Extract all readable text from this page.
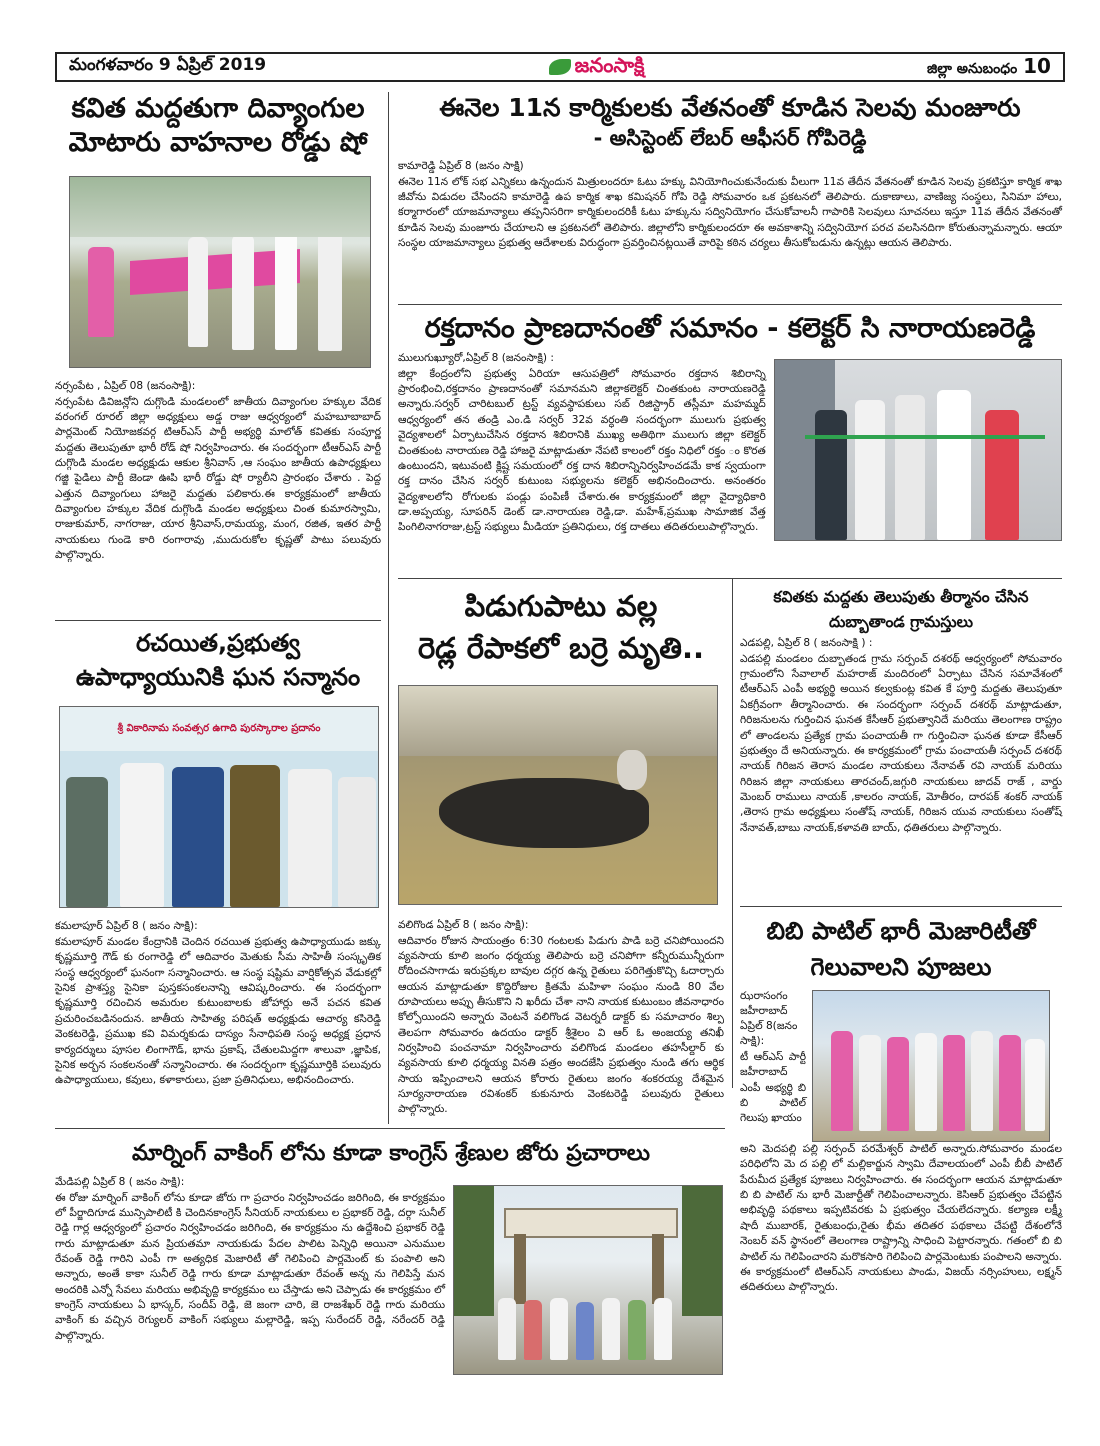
మంగళవారం 9 ఏప్రిల్ 2019	జనంసాక్షి	జిల్లా అనుబంధం 10
కవిత మద్దతుగా దివ్యాంగుల
మోటారు వాహనాల రోడ్డు షో
నర్సంపేట , ఏప్రిల్ 08 (జనంసాక్షి):
నర్సంపేట డివిజన్లోని దుగ్గొండి మండలంలో జాతీయ దివ్యాంగుల హక్కుల వేదిక వరంగల్ రూరల్ జిల్లా అధ్యక్షులు అడ్డ రాజు ఆధ్వర్యంలో మహబూబాబాద్ పార్లమెంట్ నియోజకవర్గ టిఆర్ఎస్ పార్టీ అభ్యర్థి మాలోత్ కవితకు సంపూర్ణ మద్దతు తెలుపుతూ భారీ రోడ్ షో నిర్వహించారు. ఈ సందర్భంగా టీఆర్ఎస్ పార్టీ దుగ్గొండి మండల అధ్యక్షుడు ఆకుల శ్రీనివాస్ ,ఆ సంఘం జాతీయ ఉపాధ్యక్షులు గజ్జి పైడిలు పార్టీ జెండా ఊపి భారీ రోడ్డు షో ర్యాలీని ప్రారంభం చేశారు . పెద్ద ఎత్తున దివ్యాంగులు హాజరై మద్దతు పలికారు.ఈ కార్యక్రమంలో జాతీయ దివ్యాంగుల హక్కుల వేదిక దుగ్గొండి మండల అధ్యక్షులు చింత కుమారస్వామి, రాజుకుమార్, నాగరాజు, యార శ్రీనివాస్,రామయ్య, మంగ, రజిత, ఇతర పార్టీ నాయకులు గుండె కారి రంగారావు ,ముదురుకోల కృష్ణతో పాటు పలువురు పాల్గొన్నారు.
ఈనెల 11న కార్మికులకు వేతనంతో కూడిన సెలవు మంజూరు
- అసిస్టెంట్ లేబర్ ఆఫీసర్ గోపిరెడ్డి
కామారెడ్డి ఏప్రిల్ 8 (జనం సాక్షి)
ఈనెల 11న లోక్ సభ ఎన్నికలు ఉన్నందున మిత్రులందరూ ఓటు హక్కు వినియోగించుకునేందుకు వీలుగా 11వ తేదీన వేతనంతో కూడిన సెలవు ప్రకటిస్తూ కార్మిక శాఖ జీవోను విడుదల చేసిందని కామారెడ్డి ఉప కార్మిక శాఖ కమిషనర్ గోపి రెడ్డి సోమవారం ఒక ప్రకటనలో తెలిపారు. దుకాణాలు, వాణిజ్య సంస్థలు, సినిమా హాలు, కర్మాగారంలో యాజమాన్యాలు తప్పనిసరిగా కార్మికులందరికీ ఓటు హక్కును సద్వినియోగం చేసుకోవాలనీ గాపారికి సెలవులు సూచనలు ఇస్తూ 11వ తేదీన వేతనంతో కూడిన సెలవు మంజూరు చేయాలని ఆ ప్రకటనలో తెలిపారు. జిల్లాలోని కార్మికులందరూ ఈ అవకాశాన్ని సద్వినియోగ పరచ వలసినదిగా కోరుతున్నామన్నారు. ఆయా సంస్థల యాజమాన్యాలు ప్రభుత్వ ఆదేశాలకు విరుద్ధంగా ప్రవర్తించినట్లయితే వారిపై కఠిన చర్యలు తీసుకోబడును ఉన్నట్లు ఆయన తెలిపారు.
రక్తదానం ప్రాణదానంతో సమానం - కలెక్టర్ సి నారాయణరెడ్డి
ములుగుఖ్యూరో,ఏప్రిల్ 8 (జనంసాక్షి) :
జిల్లా కేంద్రంలోని ప్రభుత్వ ఏరియా ఆసుపత్రిలో సోమవారం రక్తదాన శిబిరాన్ని ప్రారంభించి,రక్తదానం ప్రాణదానంతో సమానమని జిల్లాకలెక్టర్ చింతకుంట నారాయణరెడ్డి అన్నారు.సర్వర్ చారిటబుల్ ట్రస్ట్ వ్యవస్థాపకులు సబ్ రిజిస్ట్రార్ తస్లీమా మహమ్మద్ ఆధ్వర్యంలో తన తండ్రి ఎం.డి సర్వర్ 32వ వర్ధంతి సందర్భంగా ములుగు ప్రభుత్వ వైద్యశాలలో ఏర్పాటుచేసిన రక్తదాన శిబిరానికి ముఖ్య అతిథిగా ములుగు జిల్లా కలెక్టర్ చింతకుంట నారాయణ రెడ్డి హాజరై మాట్లాడుతూ నేపటి కాలంలో రక్తం నిధిలో రక్తం ం కొరత ఉంటుందని, ఇటువంటి క్లిష్ట సమయంలో రక్త దాన శిబిరాన్నినిర్వహించడమే కాక స్వయంగా రక్త దానం చేసిన సర్వర్ కుటుంబ సభ్యులను కలెక్టర్ అభినందించారు. అనంతరం వైద్యశాలలోని రోగులకు పండ్లు పంపిణీ చేశారు.ఈ కార్యక్రమంలో జిల్లా వైద్యాధికారి డా.అప్పయ్య, సూపరిన్ డెంట్ డా.నారాయణ రెడ్డి,డా. మహేశ్,ప్రముఖ సామాజిక వేత్త పింగిలినాగరాజు,ట్రస్ట్ సభ్యులు మీడియా ప్రతినిధులు, రక్త దాతలు తదితరులుపాల్గొన్నారు.
రచయిత,ప్రభుత్వ
ఉపాధ్యాయునికి ఘన సన్మానం
శ్రీ వికారినామ సంవత్సర ఉగాది పురస్కారాల ప్రదానం
కమలాపూర్ ఏప్రిల్ 8 ( జనం సాక్షి):
కమలాపూర్ మండల కేంద్రానికి చెందిన రచయిత ప్రభుత్వ ఉపాధ్యాయుడు జక్కు కృష్ణమూర్తి గౌడ్ కు రంగారెడ్డి లో ఆదివారం మెతుకు సీమ సాహితీ సంస్కృతిక సంస్థ ఆధ్వర్యంలో ఘనంగా సన్మానించారు. ఆ సంస్థ షష్టిమ వార్షికోత్సవ వేడుకల్లో సైనిక ప్రాశస్త్య సైనికా పుస్తకసంకలనాన్ని ఆవిష్కరించారు. ఈ సందర్భంగా కృష్ణమూర్తి రచించిన అమరుల కుటుంబాలకు జోహార్లు అనే పచన కవిత ప్రచురించబడినందున. జాతీయ సాహిత్య పరిషత్ అధ్యక్షుడు ఆచార్య కసిరెడ్డి వెంకటరెడ్డి, ప్రముఖ కవి విమర్శకుడు దాస్యం సేనాధిపతి సంస్థ అధ్యక్ష ప్రధాన కార్యదర్శులు పూసల లింగాగౌడ్, భాను ప్రకాష్, చేతులమిద్దగా శాలువా ,జ్ఞాపిక, సైనిక అర్బన సంకలనంతో సన్మానించారు. ఈ సందర్భంగా కృష్ణమూర్తికి పలువురు ఉపాధ్యాయులు, కవులు, కళాకారులు, ప్రజా ప్రతినిధులు, అభినందించారు.
పిడుగుపాటు వల్ల
రెడ్ల రేపాకలో బర్రె మృతి..
వలిగొండ ఏప్రిల్ 8 ( జనం సాక్షి):
ఆదివారం రోజున సాయంత్రం 6:30 గంటలకు పిడుగు పాడి బర్రె చనిపోయిందని వ్యవసాయ కూలి జంగం ధర్మయ్య తెలిపారు బర్రె చనిపోగా కన్నీరుమున్నీరుగా రోదించసాగాడు ఇరుప్రక్కల బావుల దగ్గర ఉన్న రైతులు పరిగెత్తుకొచ్చి ఓదార్చారు ఆయన మాట్లాడుతూ కొద్దిరోజుల క్రితమే మహిళా సంఘం నుండి 80 వేల రూపాయలు అప్పు తీసుకొని ని ఖరీదు చేశా నాని నాయక కుటుంబం జీవనాధారం కోల్పోయిందని అన్నారు వెంటనే వలిగొండ వెటర్నరీ డాక్టర్ కు సమాచారం శిల్ప తెలపగా సోమవారం ఉదయం డాక్టర్ శ్రీశైలం వి ఆర్ ఓ అంజయ్య తనిఖీ నిర్వహించి పంచనామా నిర్వహించారు వలిగొండ మండలం తహసీల్దార్ కు వ్యవసాయ కూలి ధర్మయ్య వినతి పత్రం అందజేసి ప్రభుత్వం నుండి తగు ఆర్థిక సాయ ఇప్పించాలని ఆయన కోరారు రైతులు జంగం శంకరయ్య దేశమైన సూర్యనారాయణ రవిశంకర్ కుకునూరు వెంకటరెడ్డి పలువురు రైతులు పాల్గొన్నారు.
కవితకు మద్దతు తెలుపుతు తీర్మానం చేసిన
దుబ్బాతాండ గ్రామస్తులు
ఎడపల్లి, ఏప్రిల్ 8 ( జనంసాక్షి ) :
ఎడపల్లి మండలం దుబ్బాతండ గ్రామ సర్పంచ్ దశరథ్ ఆధ్వర్యంలో సోమవారం గ్రామంలోని సేవాలాల్ మహరాజ్ మందిరంలో ఏర్పాటు చేసిన సమావేశంలో టీఆర్ఎస్ ఎంపీ అభ్యర్థి అయిన కల్వకుంట్ల కవిత కే పూర్తి మద్దతు తెలుపుతూ ఏకగ్రీవంగా తీర్మానించారు. ఈ సందర్భంగా సర్పంచ్ దశరథ్ మాట్లాడుతూ, గిరిజనులను గుర్తించిన ఘనత కేసీఆర్ ప్రభుత్వానిదే మరియు తెలంగాణ రాష్ట్రం లో తాండలను ప్రత్యేక గ్రామ పంచాయతీ గా గుర్తించినా ఘనత కూడా కేసీఆర్ ప్రభుత్వం దే అనియన్నారు. ఈ కార్యక్రమంలో గ్రామ పంచాయతీ సర్పంచ్ దశరథ్ నాయక్ గిరిజన తెరాస మండల నాయకులు నేనావత్ రవి నాయక్ మరియు గిరిజన జిల్లా నాయకులు తారచంద్,జగ్గురి నాయకులు జాదవ్ రాజ్ , వార్డు మెంబర్ రాములు నాయక్ ,కాలరం నాయక్, మోతీరం, దారపక్ శంకర్ నాయక్ ,తెరాస గ్రామ అధ్యక్షులు సంతోష్ నాయక్, గిరిజన యువ నాయకులు సంతోష్ నేనావత్,బాబు నాయక్,కళావతి బాయ్, ధతితరులు పాల్గొన్నారు.
బిబి పాటిల్ భారీ మెజారిటీతో
గెలువాలని పూజలు
ఝరాసంగం జహీరాబాద్ ఏప్రిల్ 8(జనం సాక్షి):
టీ ఆర్ఎస్ పార్టీ జహీరాబాద్ ఎంపీ అభ్యర్థి బి బి పాటిల్ గెలుపు ఖాయం
అని మెదపల్లి పల్లి సర్పంచ్ పరమేశ్వర్ పాటిల్ అన్నారు.సోమవారం మండల పరిధిలోని మె ద పల్లి లో మల్లికార్జున స్వామి దేవాలయంలో ఎంపీ బీబీ పాటిల్ పేరుమీద ప్రత్యేక పూజలు నిర్వహించారు. ఈ సందర్భంగా ఆయన మాట్లాడుతూ బి బి పాటిల్ ను భారీ మెజార్టీతో గెలిపించాలన్నారు. కెసిఆర్ ప్రభుత్వం చేపట్టిన అభివృద్ధి పథకాలు ఇప్పటివరకు ఏ ప్రభుత్వం చేయలేదన్నారు. కల్యాణ లక్ష్మీ షాదీ ముబారక్, రైతుబంధు,రైతు భీమ తదితర పథకాలు చేపట్టి దేశంలోనే నెంబర్ వన్ స్థానంలో తెలంగాణ రాష్ట్రాన్ని సాధించి పెట్టారన్నారు. గతంలో బి బి పాటిల్ ను గెలిపించారని మరొకసారి గెలిపించి పార్లమెంటుకు పంపాలని అన్నారు. ఈ కార్యక్రమంలో టిఆర్ఎస్ నాయకులు పాండు, విజయ్ నర్సింహులు, లక్ష్మన్ తదితరులు పాల్గొన్నారు.
మార్నింగ్ వాకింగ్ లోను కూడా కాంగ్రెస్ శ్రేణుల జోరు ప్రచారాలు
మేడిపల్లి ఏప్రిల్ 8 ( జనం సాక్షి):
ఈ రోజు మార్నింగ్ వాకింగ్ లోను కూడా జోరు గా ప్రచారం నిర్వహించడం జరిగింది, ఈ కార్యక్రమం లో పీర్జాదిగూడ మున్సిపాలిటీ కి చెందినకాంగ్రెస్ సీనియర్ నాయకులు ల ప్రభాకర్ రెడ్డి, దర్గా సునీల్ రెడ్డి గార్ల ఆధ్వర్యంలో ప్రచారం నిర్వహించడం జరిగింది, ఈ కార్యక్రమం ను ఉద్దేశించి ప్రభాకర్ రెడ్డి గారు మాట్లాడుతూ మన ప్రియతమా నాయకుడు పేదల పాలిట పెన్నిధి అయినా ఎనుముల రేవంత్ రెడ్డి గారిని ఎంపీ గా అత్యధిక మెజారిటీ తో గెలిపించి పార్లమెంట్ కు పంపాలి అని అన్నారు, అంతే కాకా సునీల్ రెడ్డి గారు కూడా మాట్లాడుతూ రేవంత్ అన్న ను గెలిపిస్తే మన అందరికి ఎన్నో సేవలు మరియు అభివృద్ది కార్యక్రమం లు చేస్తాడు అని చెప్పాడు ఈ కార్యక్రమం లో కాంగ్రెస్ నాయకులు ఏ భాస్కర్, సందీప్ రెడ్డి, జె జంగా చారి, జె రాజశేఖర్ రెడ్డి గారు మరియు వాకింగ్ కు వచ్చిన రెగ్యులర్ వాకింగ్ సభ్యులు మల్లారెడ్డి, ఇప్ప సురేందర్ రెడ్డి, నరేందర్ రెడ్డి పాల్గొన్నారు.
